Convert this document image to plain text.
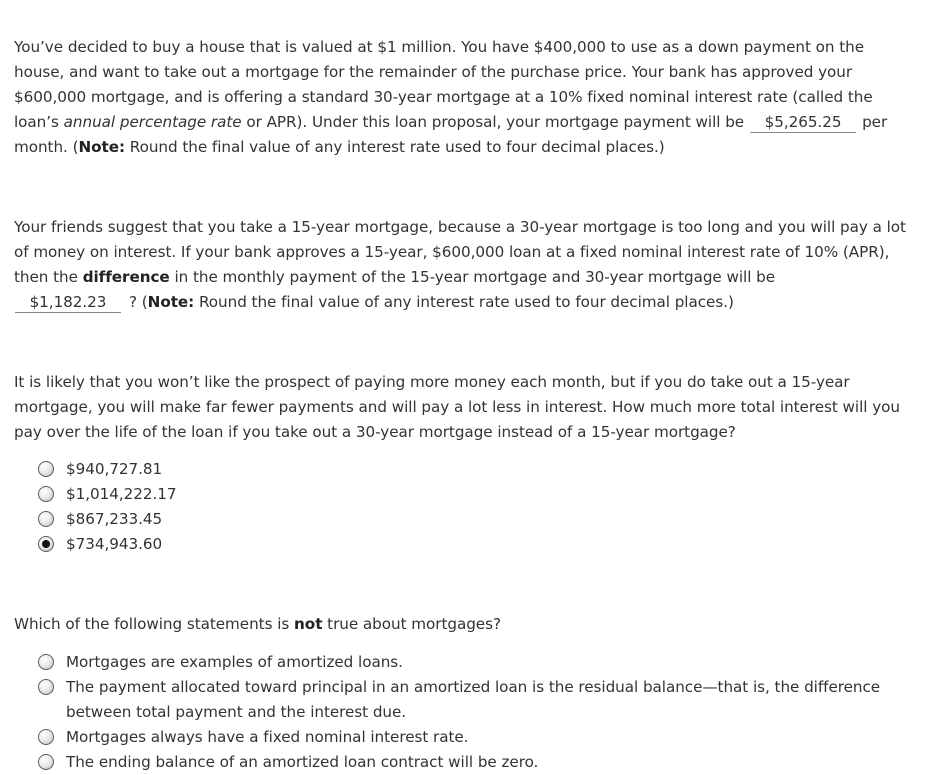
You’ve decided to buy a house that is valued at $1 million. You have $400,000 to use as a down payment on the house, and want to take out a mortgage for the remainder of the purchase price. Your bank has approved your $600,000 mortgage, and is offering a standard 30-year mortgage at a 10% fixed nominal interest rate (called the loan’s annual percentage rate or APR). Under this loan proposal, your mortgage payment will be $5,265.25 per month. (Note: Round the final value of any interest rate used to four decimal places.)

Your friends suggest that you take a 15-year mortgage, because a 30-year mortgage is too long and you will pay a lot of money on interest. If your bank approves a 15-year, $600,000 loan at a fixed nominal interest rate of 10% (APR), then the difference in the monthly payment of the 15-year mortgage and 30-year mortgage will be
$1,182.23 ? (Note: Round the final value of any interest rate used to four decimal places.)

It is likely that you won’t like the prospect of paying more money each month, but if you do take out a 15-year mortgage, you will make far fewer payments and will pay a lot less in interest. How much more total interest will you pay over the life of the loan if you take out a 30-year mortgage instead of a 15-year mortgage?

$940,727.81
$1,014,222.17
$867,233.45
$734,943.60

Which of the following statements is not true about mortgages?

Mortgages are examples of amortized loans.
The payment allocated toward principal in an amortized loan is the residual balance—that is, the difference between total payment and the interest due.
Mortgages always have a fixed nominal interest rate.
The ending balance of an amortized loan contract will be zero.
